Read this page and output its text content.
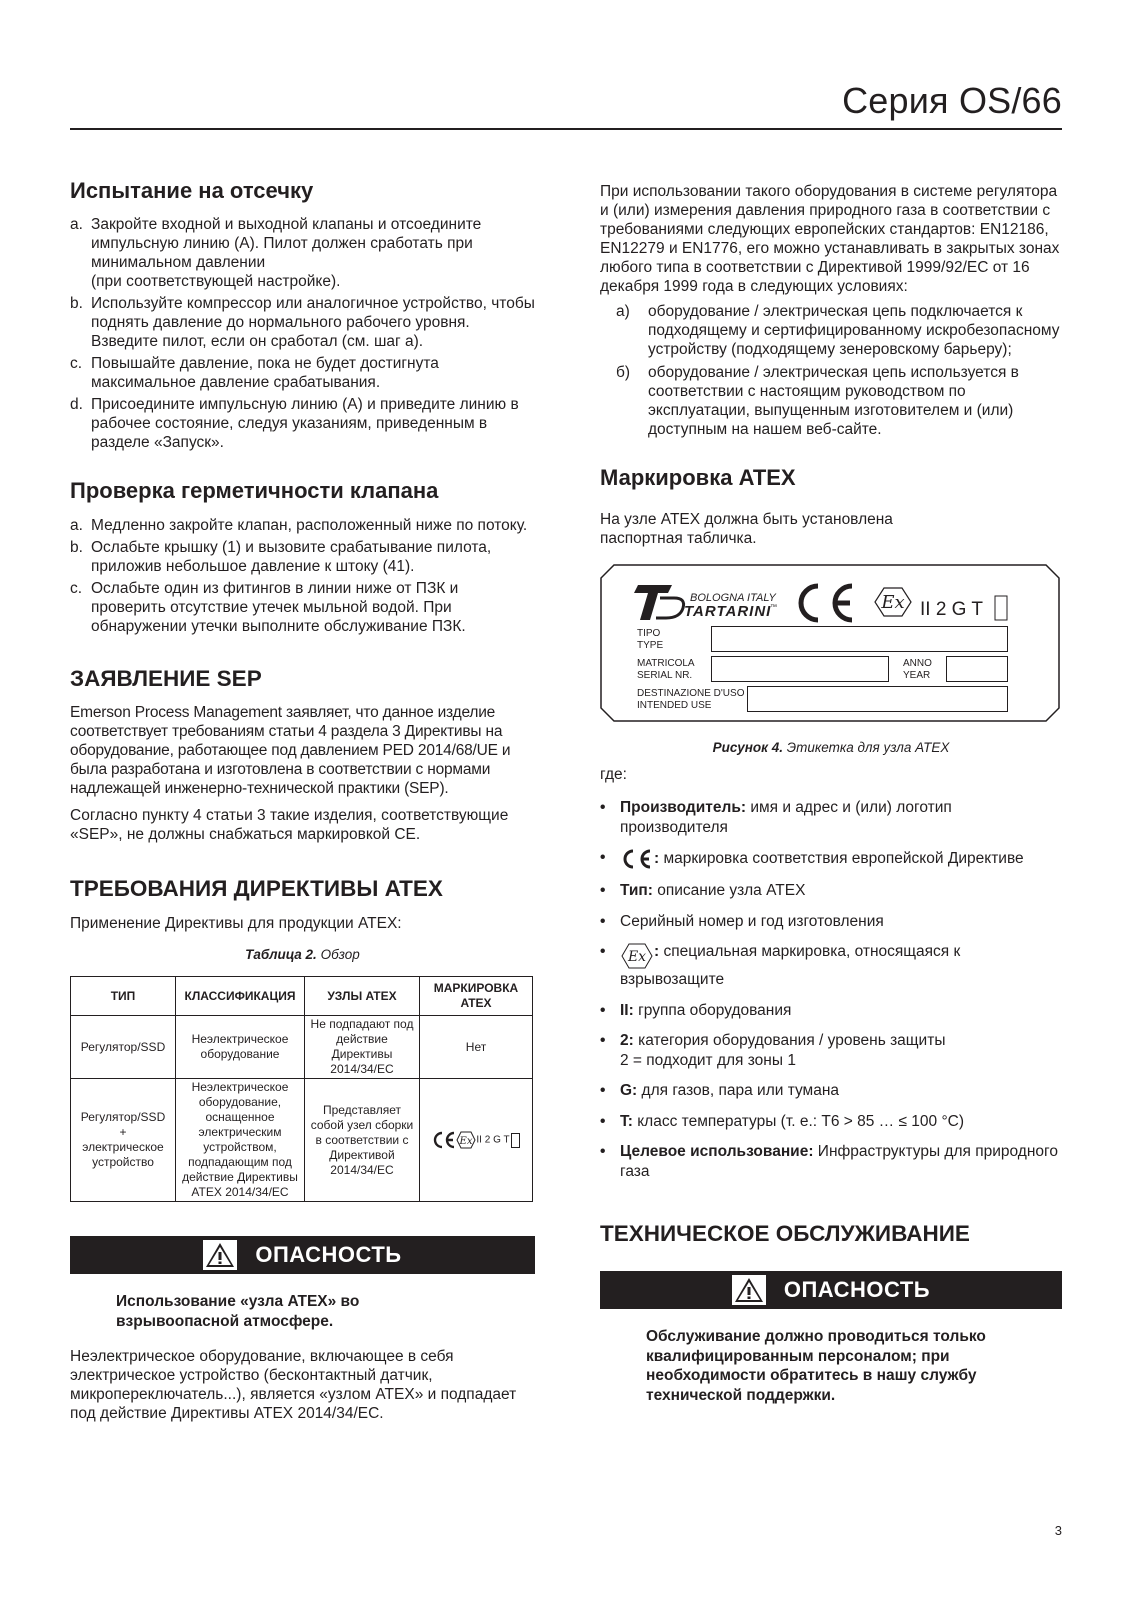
Серия OS/66
Испытание на отсечку
a. Закройте входной и выходной клапаны и отсоедините импульсную линию (A). Пилот должен сработать при минимальном давлении
(при соответствующей настройке).
b. Используйте компрессор или аналогичное устройство, чтобы поднять давление до нормального рабочего уровня. Взведите пилот, если он сработал (см. шаг a).
c. Повышайте давление, пока не будет достигнута максимальное давление срабатывания.
d. Присоедините импульсную линию (A) и приведите линию в рабочее состояние, следуя указаниям, приведенным в разделе «Запуск».
Проверка герметичности клапана
a. Медленно закройте клапан, расположенный ниже по потоку.
b. Ослабьте крышку (1) и вызовите срабатывание пилота, приложив небольшое давление к штоку (41).
c. Ослабьте один из фитингов в линии ниже от ПЗК и проверить отсутствие утечек мыльной водой. При обнаружении утечки выполните обслуживание ПЗК.
ЗАЯВЛЕНИЕ SEP

Emerson Process Management заявляет, что данное изделие соответствует требованиям статьи 4 раздела 3 Директивы на оборудование, работающее под давлением PED 2014/68/UE и была разработана и изготовлена в соответствии с нормами надлежащей инженерно-технической практики (SEP).

Согласно пункту 4 статьи 3 такие изделия, соответствующие «SEP», не должны снабжаться маркировкой CE.

ТРЕБОВАНИЯ ДИРЕКТИВЫ ATEX

Применение Директивы для продукции ATEX:

Таблица 2. Обзор
ТИП	КЛАССИФИКАЦИЯ	УЗЛЫ ATEX	МАРКИРОВКА ATEX
Регулятор/SSD	Неэлектрическое оборудование	Не подпадают под действие Директивы 2014/34/EC	Нет
Регулятор/SSD
+
электрическое устройство	Неэлектрическое оборудование, оснащенное электрическим устройством, подпадающим под действие Директивы ATEX 2014/34/EC	Представляет собой узел сборки в соответствии с Директивой 2014/34/EC	Ex II 2 G T
ОПАСНОСТЬ
Использование «узла ATEX» во взрывоопасной атмосфере.

Неэлектрическое оборудование, включающее в себя электрическое устройство (бесконтактный датчик, микропереключатель...), является «узлом ATEX» и подпадает под действие Директивы ATEX 2014/34/EC.

При использовании такого оборудования в системе регулятора и (или) измерения давления природного газа в соответствии с требованиями следующих европейских стандартов: EN12186, EN12279 и EN1776, его можно устанавливать в закрытых зонах любого типа в соответствии с Директивой 1999/92/EC от 16 декабря 1999 года в следующих условиях:

a) оборудование / электрическая цепь подключается к подходящему и сертифицированному искробезопасному устройству (подходящему зенеровскому барьеру);
б) оборудование / электрическая цепь используется в соответствии с настоящим руководством по эксплуатации, выпущенным изготовителем и (или) доступным на нашем веб-сайте.
Маркировка ATEX

На узле ATEX должна быть установлена паспортная табличка.

Ex
BOLOGNA ITALY
TARTARINI
™	II 2 G T
TIPO
TYPE
MATRICOLA
SERIAL NR.
ANNO
YEAR
DESTINAZIONE D'USO
INTENDED USE
Рисунок 4. Этикетка для узла ATEX

где:

• Производитель: имя и адрес и (или) логотип производителя
•	: маркировка соответствия европейской Директиве
• Тип: описание узла ATEX
• Серийный номер и год изготовления
• Ex : специальная маркировка, относящаяся к взрывозащите
• II: группа оборудования
• 2: категория оборудования / уровень защиты
2 = подходит для зоны 1
• G: для газов, пара или тумана
• T: класс температуры (т. е.: T6 > 85 … ≤ 100 °C)
• Целевое использование: Инфраструктуры для природного газа
ТЕХНИЧЕСКОЕ ОБСЛУЖИВАНИЕ
ОПАСНОСТЬ
Обслуживание должно проводиться только квалифицированным персоналом; при необходимости обратитесь в нашу службу технической поддержки.
3
